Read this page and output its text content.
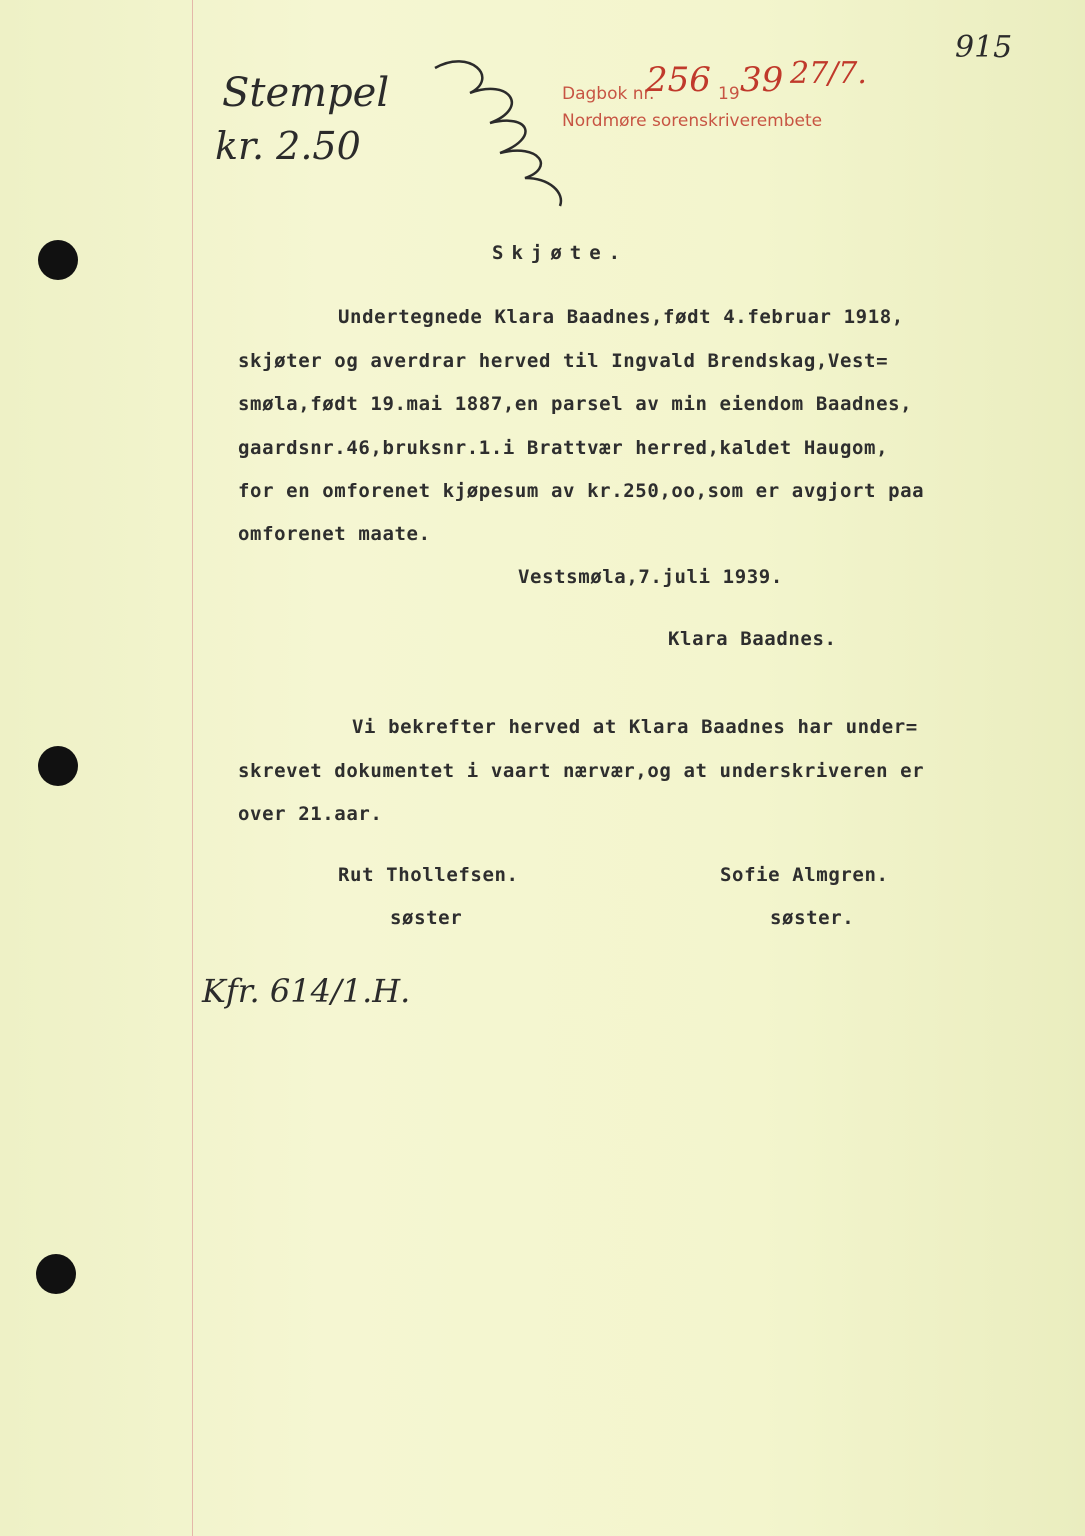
Stempel
kr. 2.50
Dagbok nr.
256 19 39 27/7.
Nordmøre sorenskriverembete
915
Skjøte.
Undertegnede Klara Baadnes,født 4.februar 1918,
skjøter og averdrar herved til Ingvald Brendskag,Vest=
smøla,født 19.mai 1887,en parsel av min eiendom Baadnes,
gaardsnr.46,bruksnr.1.i Brattvær herred,kaldet Haugom,
for en omforenet kjøpesum av kr.250,oo,som er avgjort paa
omforenet maate.
Vestsmøla,7.juli 1939.
Klara Baadnes.
Vi bekrefter herved at Klara Baadnes har under=
skrevet dokumentet i vaart nærvær,og at underskriveren er
over 21.aar.
Rut Thollefsen.
søster
Sofie Almgren.
søster.
Kfr. 614/1.H.
